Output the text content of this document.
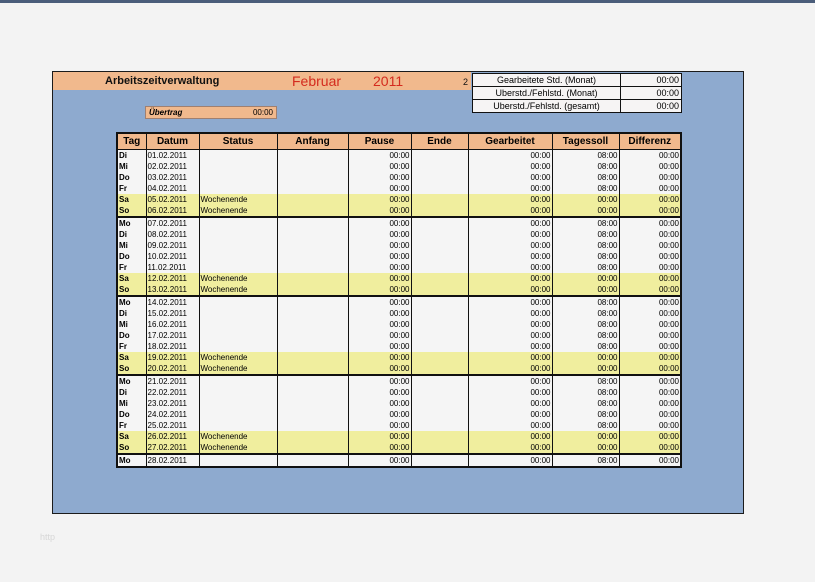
Arbeitszeitverwaltung	Februar 2011	2	Gearbeitete Std. (Monat)	00:00
Uberstd./Fehlstd. (Monat)	00:00
Uberstd./Fehlstd. (gesamt)	00:00
Übertrag	00:00
Tag	Datum	Status	Anfang	Pause	Ende	Gearbeitet	Tagessoll	Differenz
Di	01.02.2011			00:00		00:00	08:00	00:00
Mi	02.02.2011			00:00		00:00	08:00	00:00
Do	03.02.2011			00:00		00:00	08:00	00:00
Fr	04.02.2011			00:00		00:00	08:00	00:00
Sa	05.02.2011	Wochenende		00:00		00:00	00:00	00:00
So	06.02.2011	Wochenende		00:00		00:00	00:00	00:00
Mo	07.02.2011			00:00		00:00	08:00	00:00
Di	08.02.2011			00:00		00:00	08:00	00:00
Mi	09.02.2011			00:00		00:00	08:00	00:00
Do	10.02.2011			00:00		00:00	08:00	00:00
Fr	11.02.2011			00:00		00:00	08:00	00:00
Sa	12.02.2011	Wochenende		00:00		00:00	00:00	00:00
So	13.02.2011	Wochenende		00:00		00:00	00:00	00:00
Mo	14.02.2011			00:00		00:00	08:00	00:00
Di	15.02.2011			00:00		00:00	08:00	00:00
Mi	16.02.2011			00:00		00:00	08:00	00:00
Do	17.02.2011			00:00		00:00	08:00	00:00
Fr	18.02.2011			00:00		00:00	08:00	00:00
Sa	19.02.2011	Wochenende		00:00		00:00	00:00	00:00
So	20.02.2011	Wochenende		00:00		00:00	00:00	00:00
Mo	21.02.2011			00:00		00:00	08:00	00:00
Di	22.02.2011			00:00		00:00	08:00	00:00
Mi	23.02.2011			00:00		00:00	08:00	00:00
Do	24.02.2011			00:00		00:00	08:00	00:00
Fr	25.02.2011			00:00		00:00	08:00	00:00
Sa	26.02.2011	Wochenende		00:00		00:00	00:00	00:00
So	27.02.2011	Wochenende		00:00		00:00	00:00	00:00
Mo	28.02.2011			00:00		00:00	08:00	00:00
http
